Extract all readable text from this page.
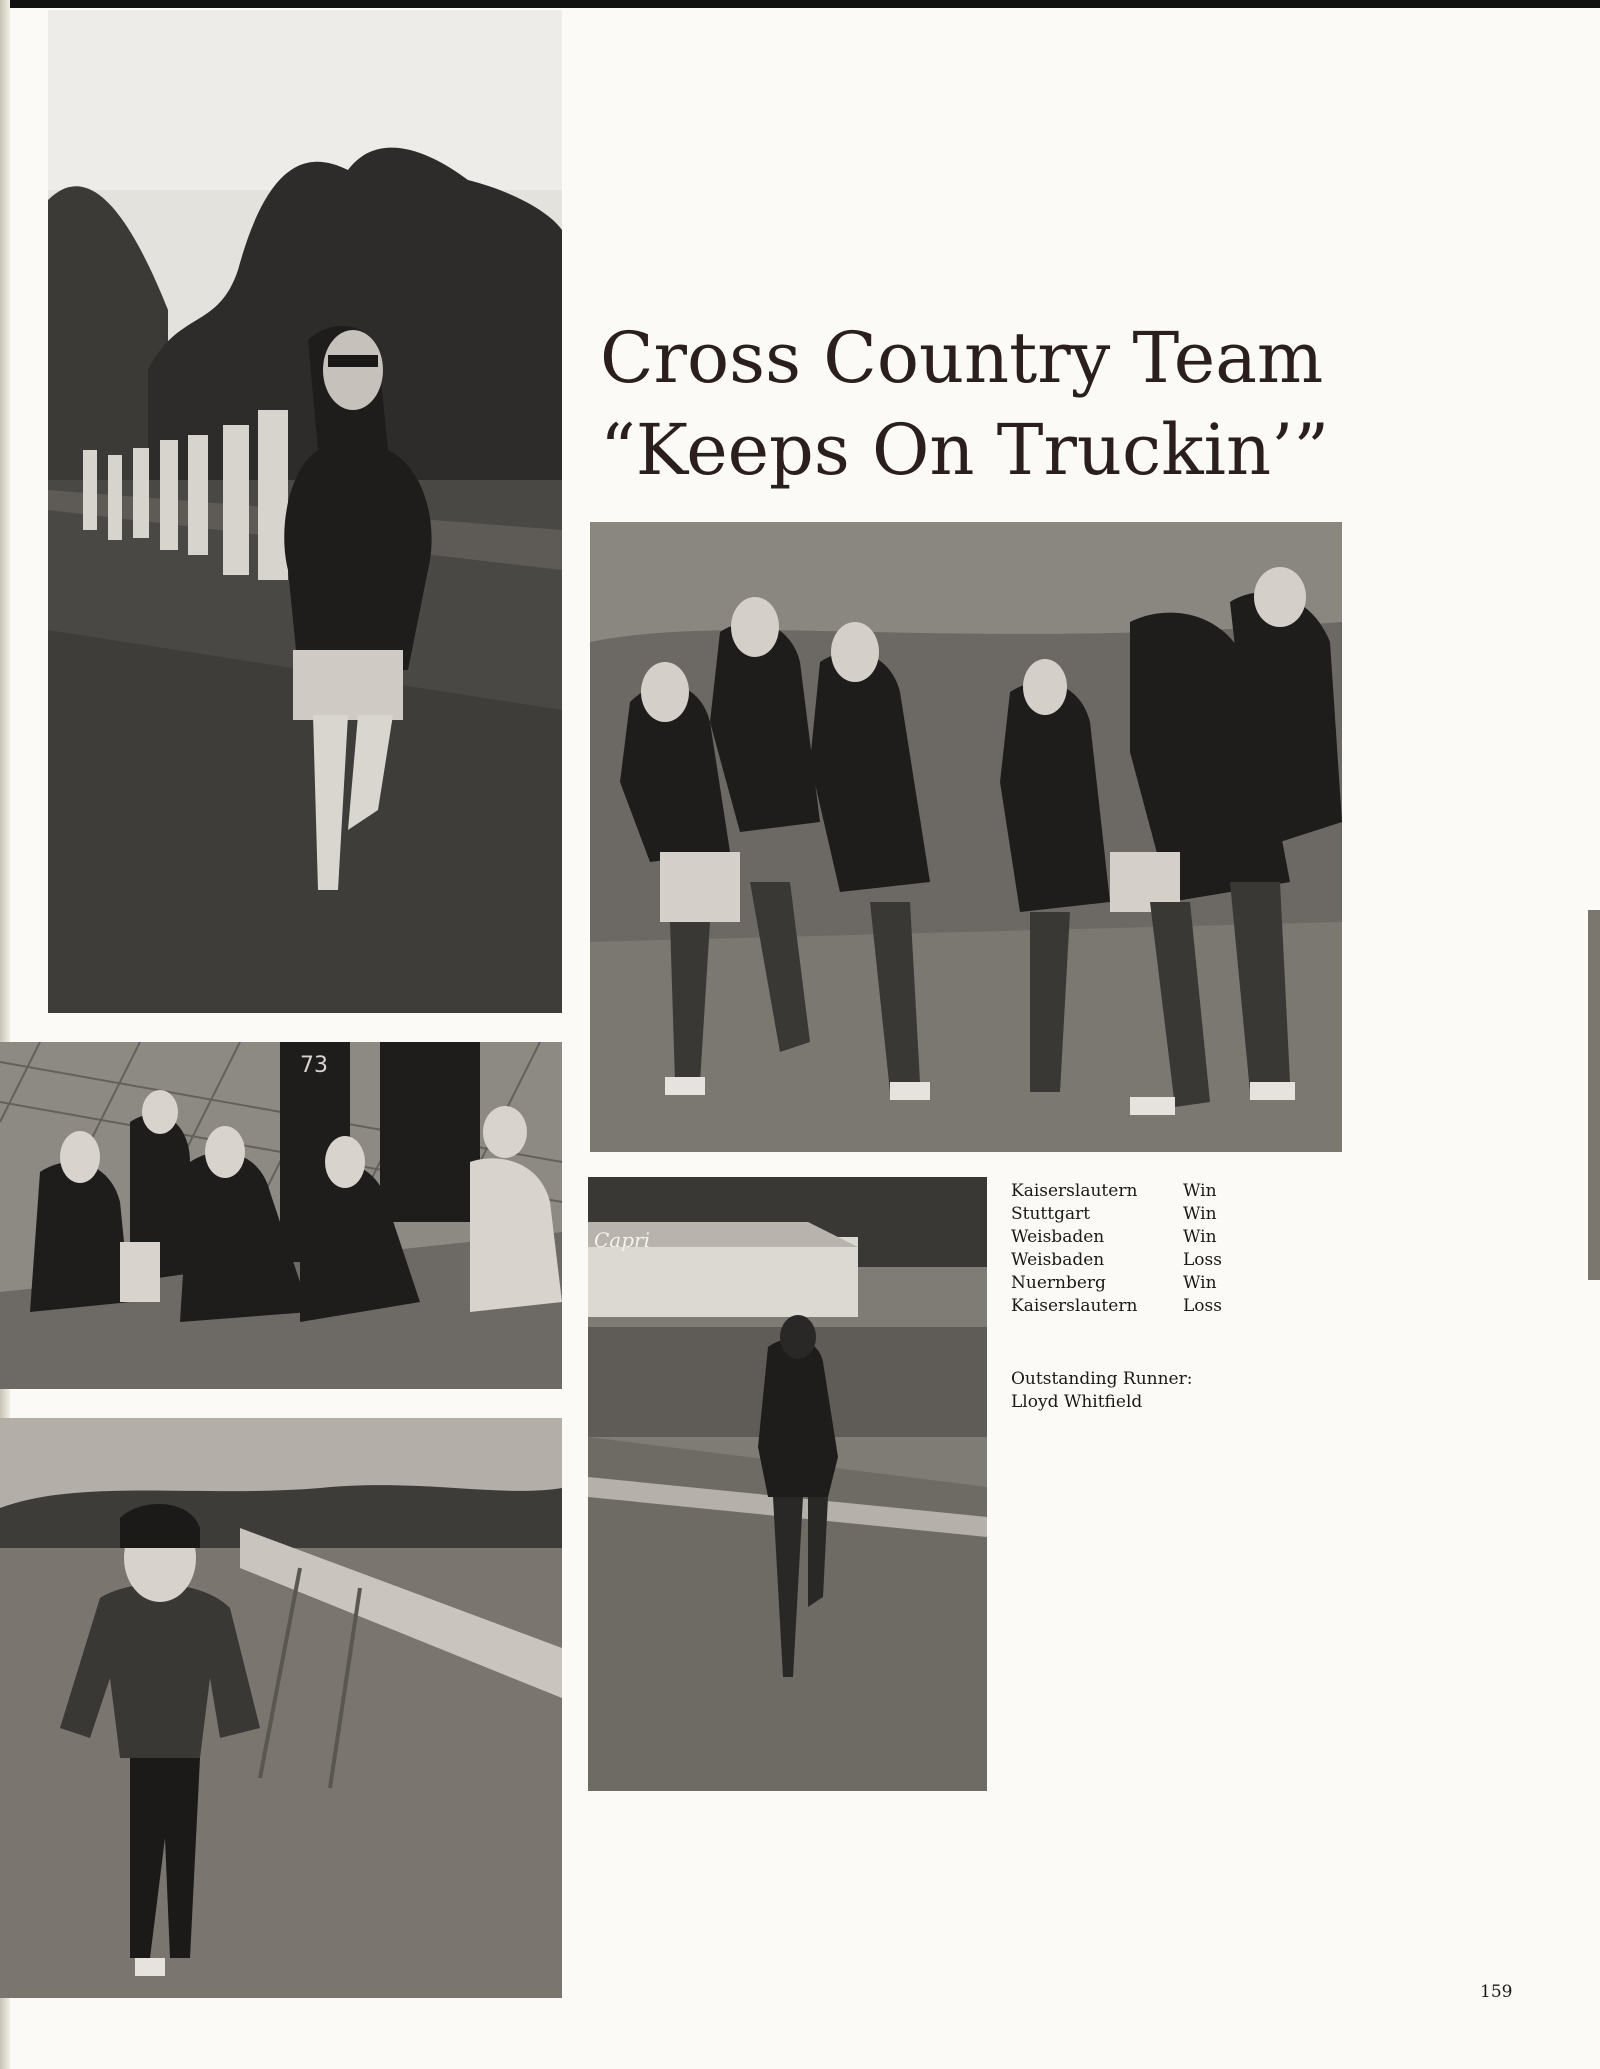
Cross Country Team
“Keeps On Truckin’”
73
Capri
Kaiserslautern	Win
Stuttgart	Win
Weisbaden	Win
Weisbaden	Loss
Nuernberg	Win
Kaiserslautern	Loss
Outstanding Runner:
Lloyd Whitfield
159
